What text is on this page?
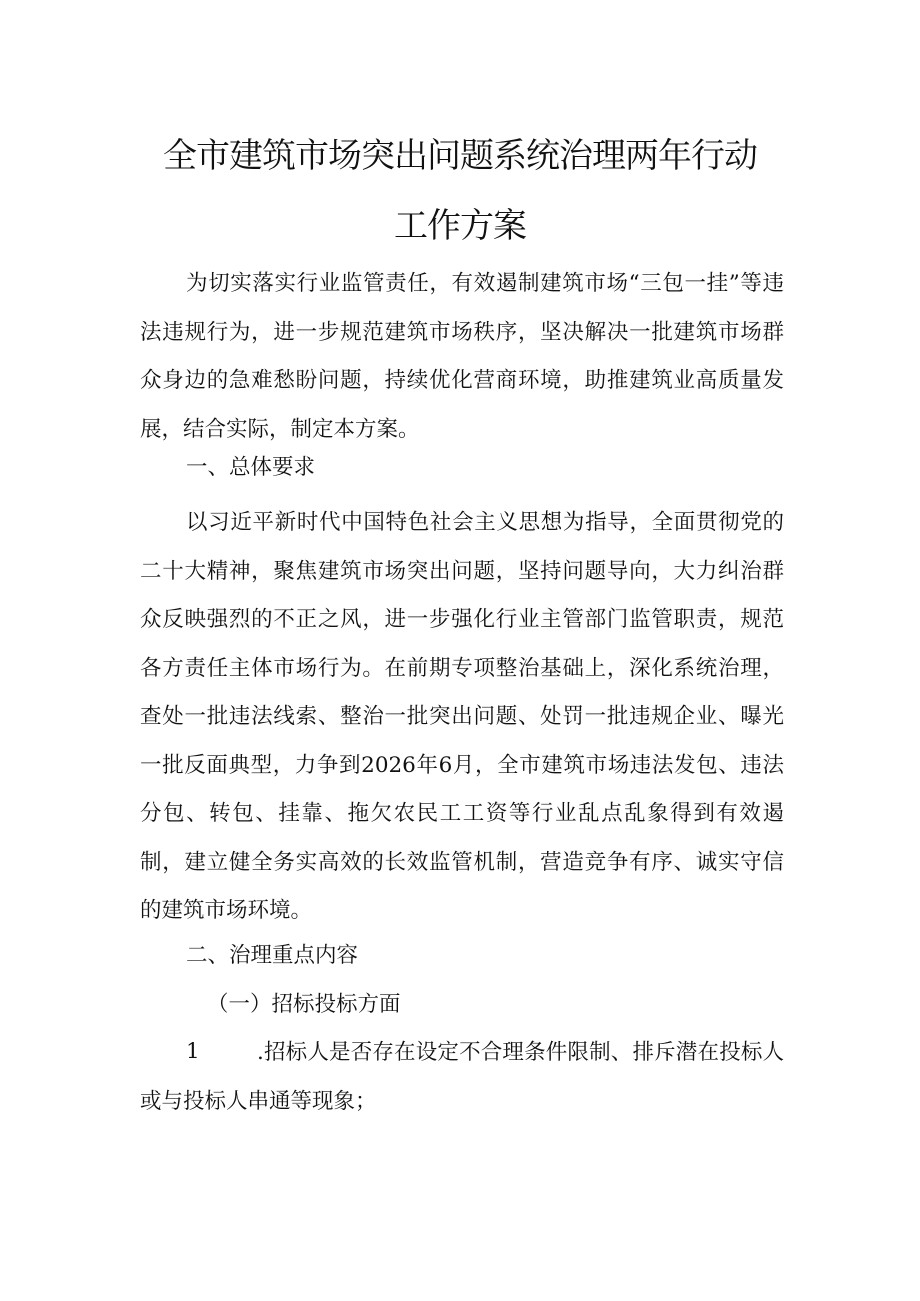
全市建筑市场突出问题系统治理两年行动
工作方案

为切实落实行业监管责任，有效遏制建筑市场“三包一挂”等违法违规行为，进一步规范建筑市场秩序，坚决解决一批建筑市场群众身边的急难愁盼问题，持续优化营商环境，助推建筑业高质量发展，结合实际，制定本方案。

一、总体要求

以习近平新时代中国特色社会主义思想为指导，全面贯彻党的二十大精神，聚焦建筑市场突出问题，坚持问题导向，大力纠治群众反映强烈的不正之风，进一步强化行业主管部门监管职责，规范各方责任主体市场行为。在前期专项整治基础上，深化系统治理，查处一批违法线索、整治一批突出问题、处罚一批违规企业、曝光一批反面典型，力争到2026年6月，全市建筑市场违法发包、违法分包、转包、挂靠、拖欠农民工工资等行业乱点乱象得到有效遏制，建立健全务实高效的长效监管机制，营造竞争有序、诚实守信的建筑市场环境。

二、治理重点内容

（一）招标投标方面

1	.招标人是否存在设定不合理条件限制、排斥潜在投标人或与投标人串通等现象；
